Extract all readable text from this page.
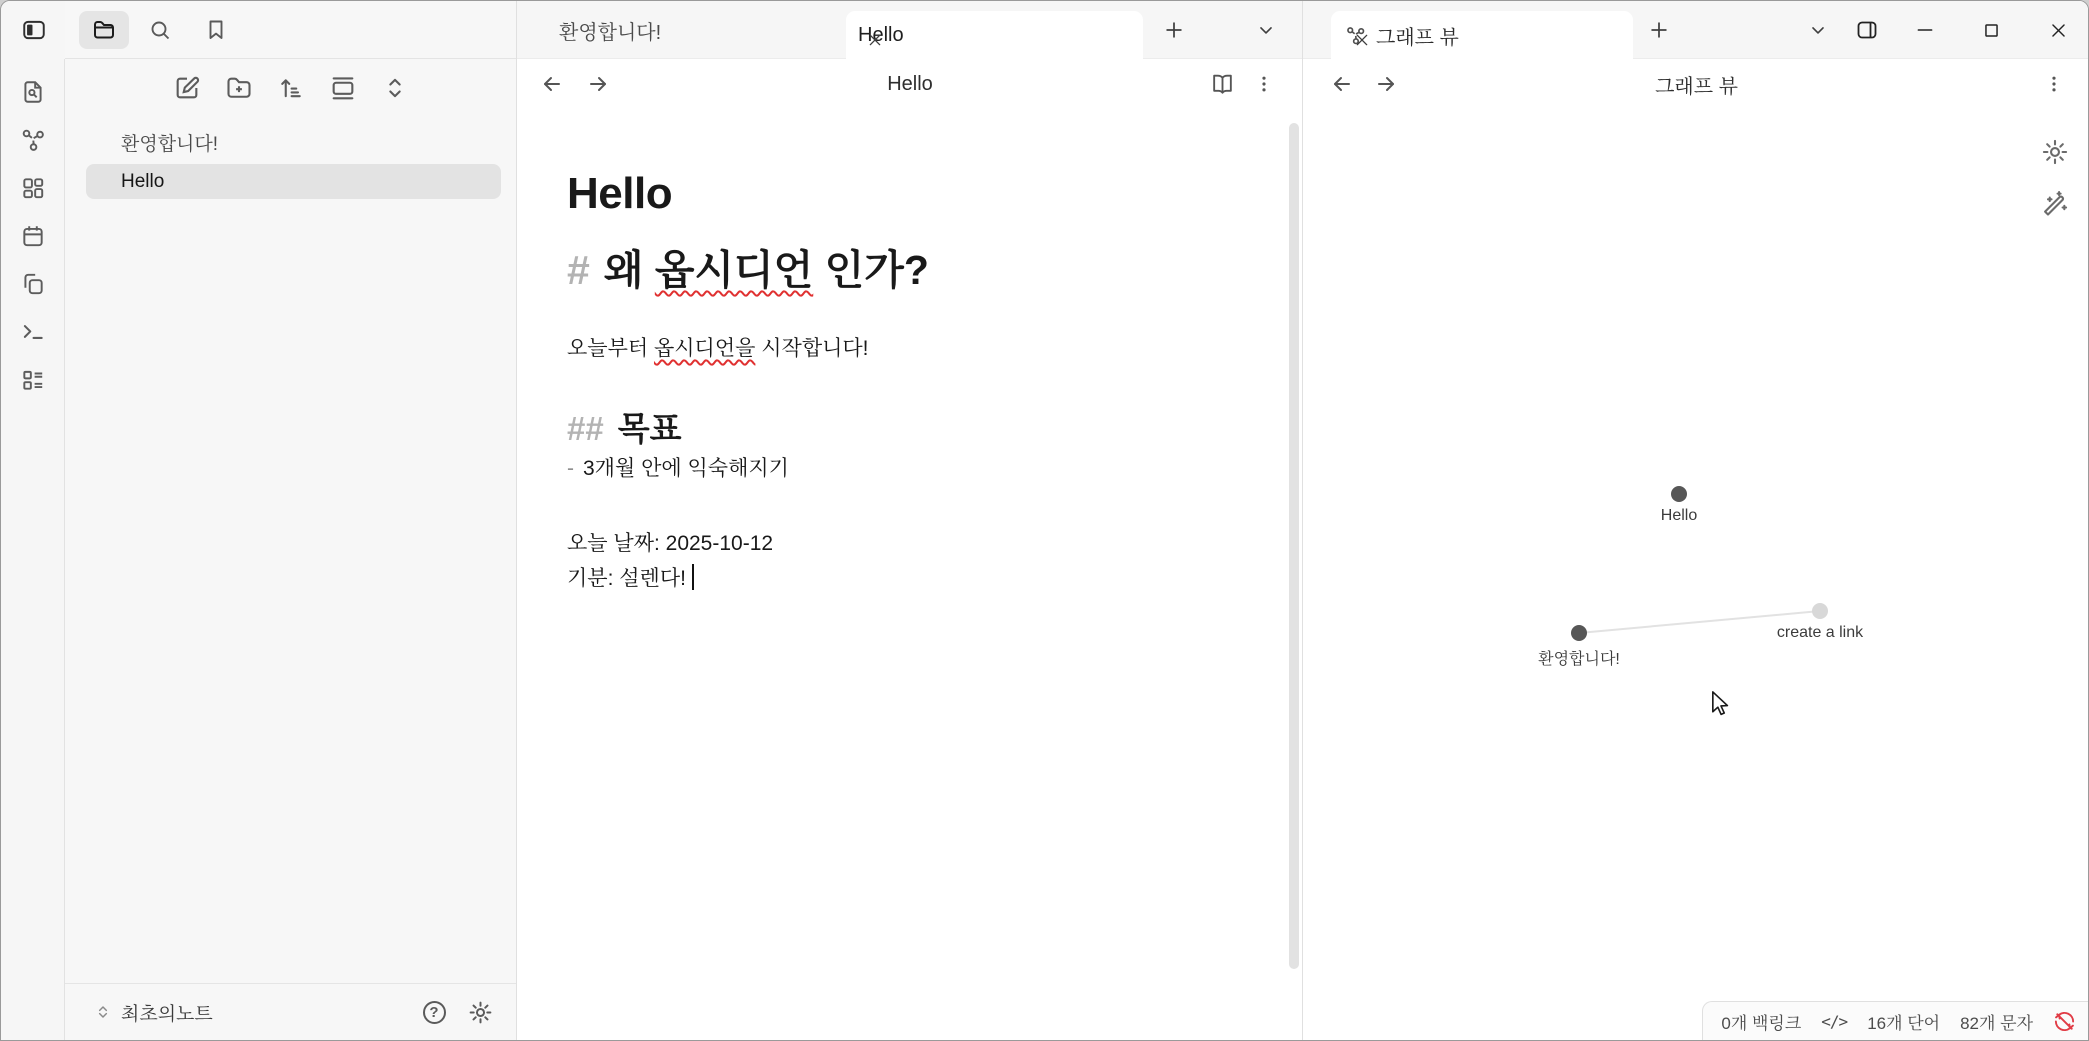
환영합니다!
Hello
최초의노트	?
환영합니다!	Hello
Hello
Hello
# 왜 옵시디언 인가?
오늘부터 옵시디언을 시작합니다!
## 목표
- 3개월 안에 익숙해지기
오늘 날짜: 2025-10-12
기분: 설렌다!
그래프 뷰
그래프 뷰
Hello
환영합니다!
create a link
0개 백링크 </> 16개 단어 82개 문자
